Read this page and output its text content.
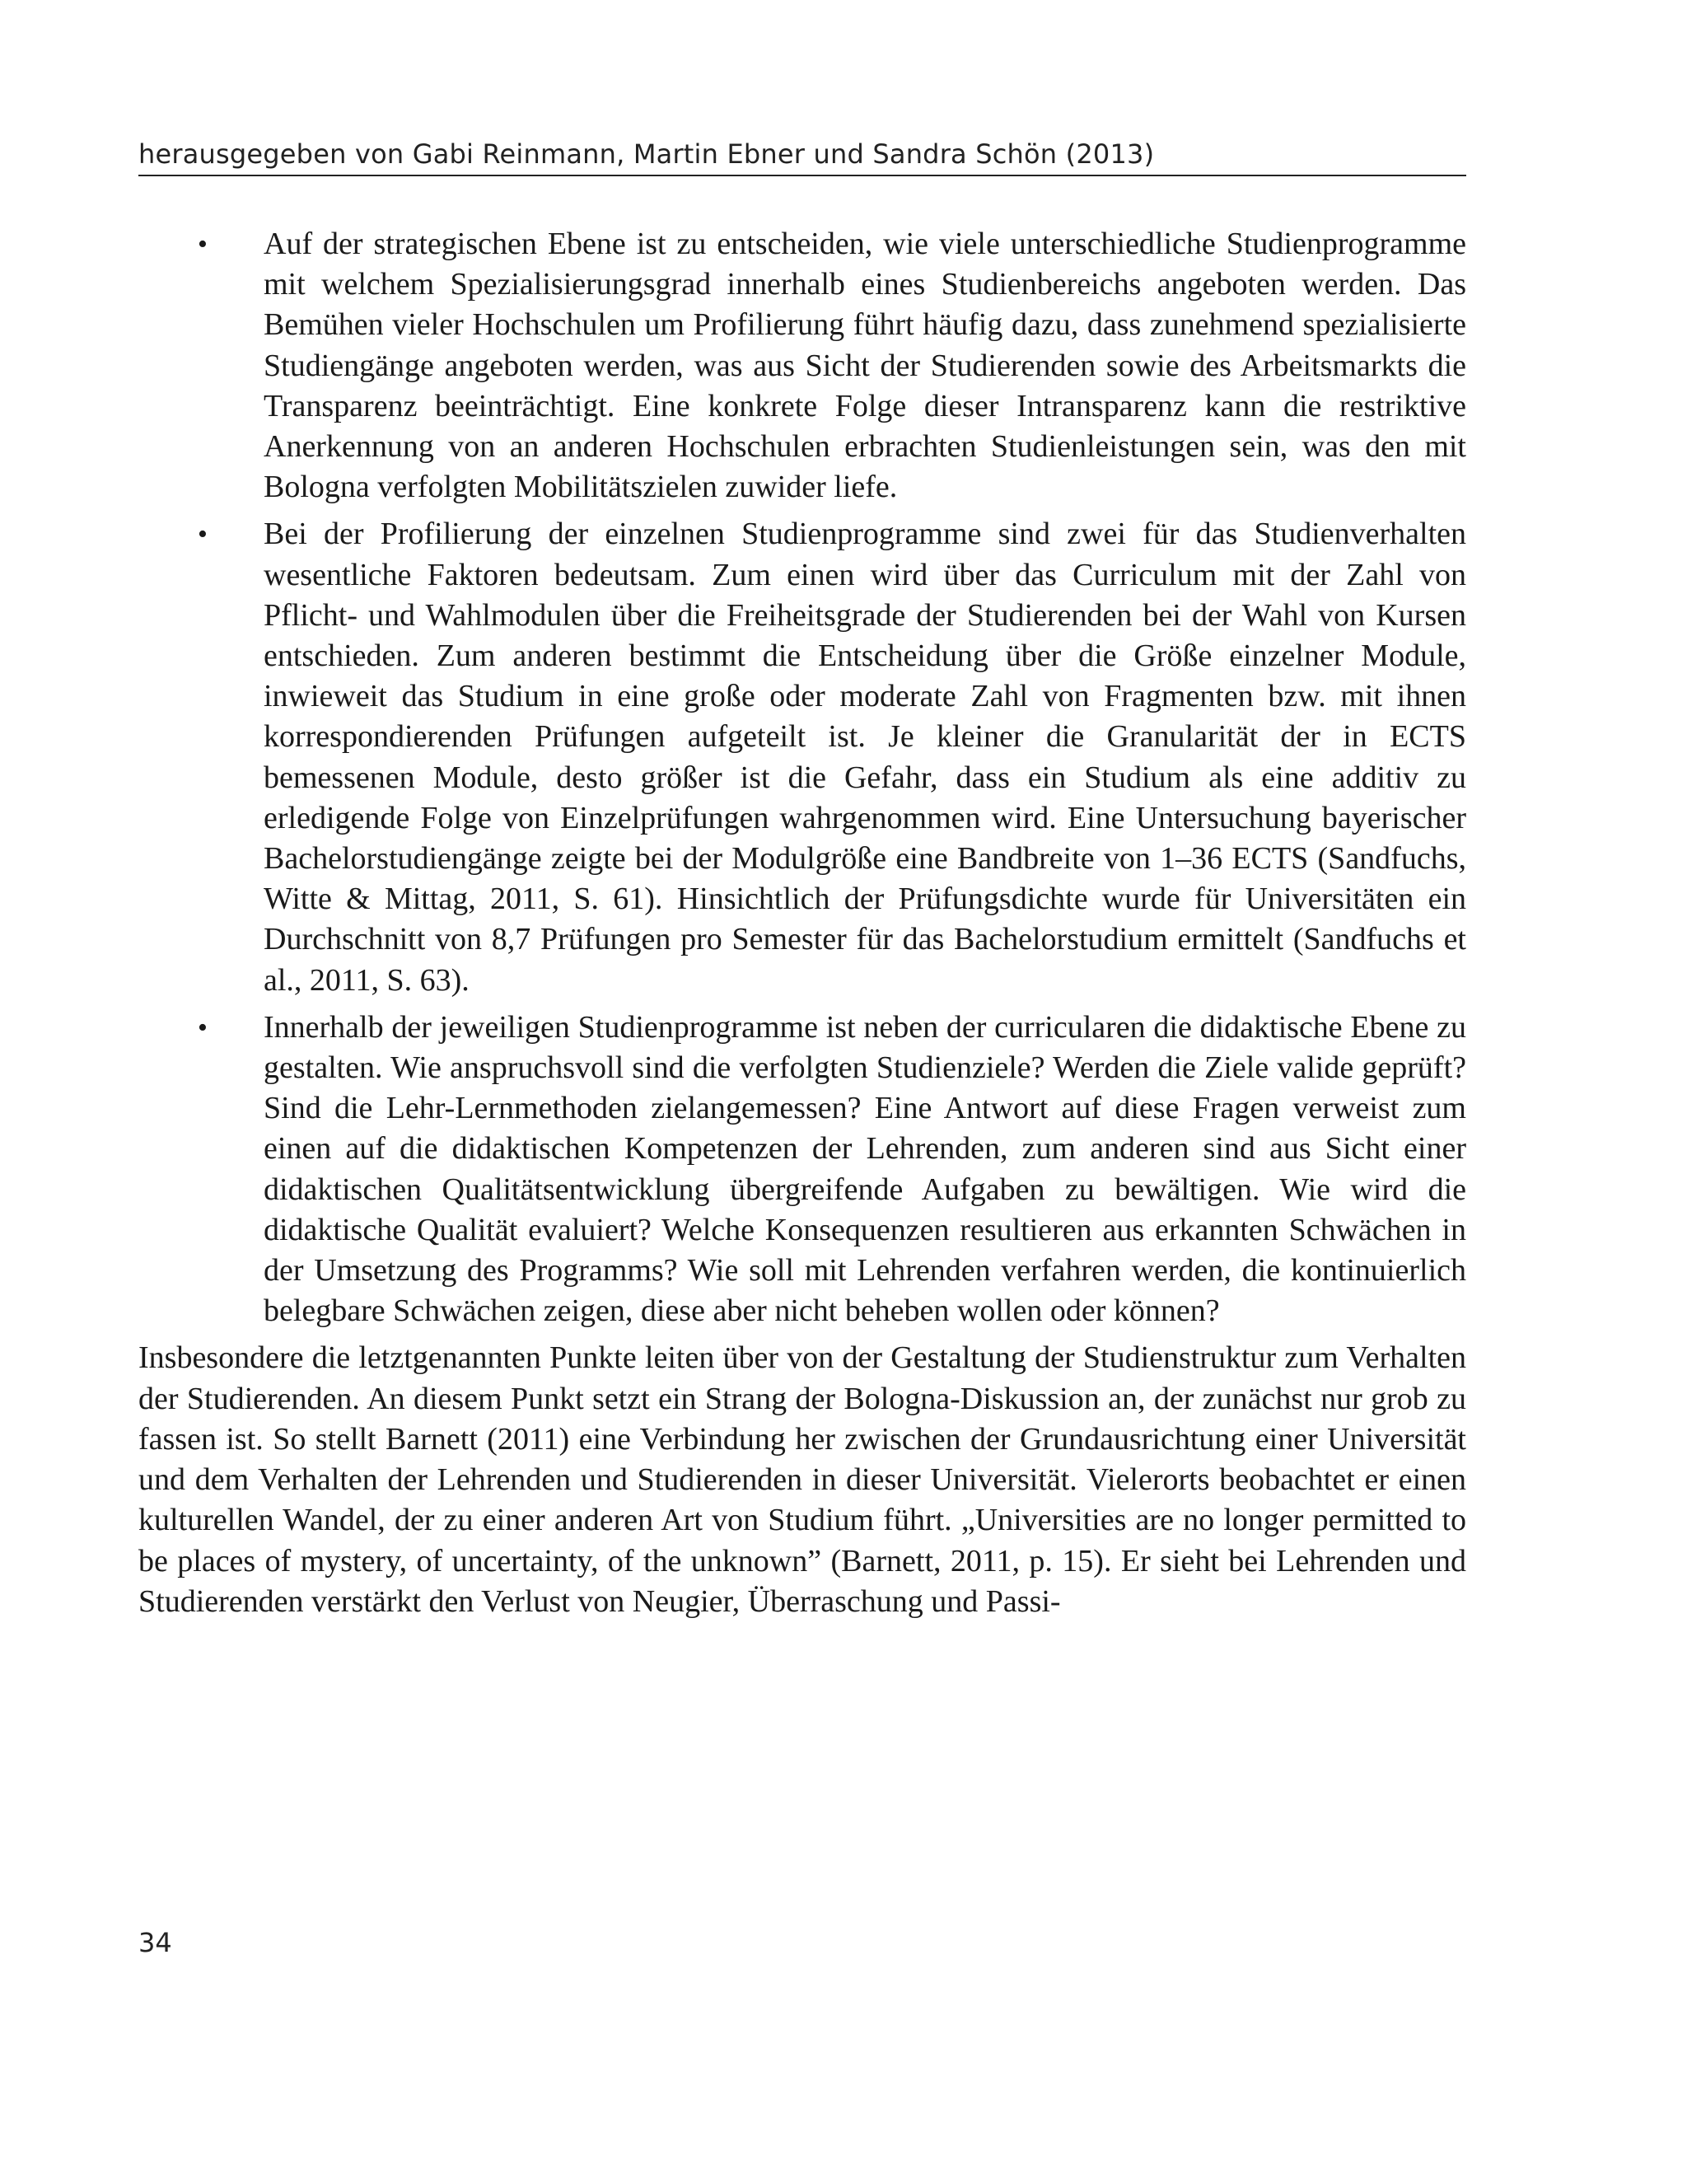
herausgegeben von Gabi Reinmann, Martin Ebner und Sandra Schön (2013)
• Auf der strategischen Ebene ist zu entscheiden, wie viele unterschiedliche Studienprogramme mit welchem Spezialisierungsgrad innerhalb eines Studienbereichs angeboten werden. Das Bemühen vieler Hochschulen um Profilierung führt häufig dazu, dass zunehmend spezialisierte Studiengänge angeboten werden, was aus Sicht der Studierenden sowie des Arbeitsmarkts die Transparenz beeinträchtigt. Eine konkrete Folge dieser Intransparenz kann die restriktive Anerkennung von an anderen Hochschulen erbrachten Studienleistungen sein, was den mit Bologna verfolgten Mobilitätszielen zuwider liefe.
• Bei der Profilierung der einzelnen Studienprogramme sind zwei für das Studienverhalten wesentliche Faktoren bedeutsam. Zum einen wird über das Curriculum mit der Zahl von Pflicht- und Wahlmodulen über die Freiheitsgrade der Studierenden bei der Wahl von Kursen entschieden. Zum anderen bestimmt die Entscheidung über die Größe einzelner Module, inwieweit das Studium in eine große oder moderate Zahl von Fragmenten bzw. mit ihnen korrespondierenden Prüfungen aufgeteilt ist. Je kleiner die Granularität der in ECTS bemessenen Module, desto größer ist die Gefahr, dass ein Studium als eine additiv zu erledigende Folge von Einzelprüfungen wahrgenommen wird. Eine Untersuchung bayerischer Bachelorstudiengänge zeigte bei der Modulgröße eine Bandbreite von 1–36 ECTS (Sandfuchs, Witte & Mittag, 2011, S. 61). Hinsichtlich der Prüfungsdichte wurde für Universitäten ein Durchschnitt von 8,7 Prüfungen pro Semester für das Bachelorstudium ermittelt (Sandfuchs et al., 2011, S. 63).
• Innerhalb der jeweiligen Studienprogramme ist neben der curricularen die didaktische Ebene zu gestalten. Wie anspruchsvoll sind die verfolgten Studienziele? Werden die Ziele valide geprüft? Sind die Lehr-Lernmethoden zielangemessen? Eine Antwort auf diese Fragen verweist zum einen auf die didaktischen Kompetenzen der Lehrenden, zum anderen sind aus Sicht einer didaktischen Qualitätsentwicklung übergreifende Aufgaben zu bewältigen. Wie wird die didaktische Qualität evaluiert? Welche Konsequenzen resultieren aus erkannten Schwächen in der Umsetzung des Programms? Wie soll mit Lehrenden verfahren werden, die kontinuierlich belegbare Schwächen zeigen, diese aber nicht beheben wollen oder können?

Insbesondere die letztgenannten Punkte leiten über von der Gestaltung der Studienstruktur zum Verhalten der Studierenden. An diesem Punkt setzt ein Strang der Bologna-Diskussion an, der zunächst nur grob zu fassen ist. So stellt Barnett (2011) eine Verbindung her zwischen der Grundausrichtung einer Universität und dem Verhalten der Lehrenden und Studierenden in dieser Universität. Vielerorts beobachtet er einen kulturellen Wandel, der zu einer anderen Art von Studium führt. „Universities are no longer permitted to be places of mystery, of uncertainty, of the unknown” (Barnett, 2011, p. 15). Er sieht bei Lehrenden und Studierenden verstärkt den Verlust von Neugier, Überraschung und Passi-

34
